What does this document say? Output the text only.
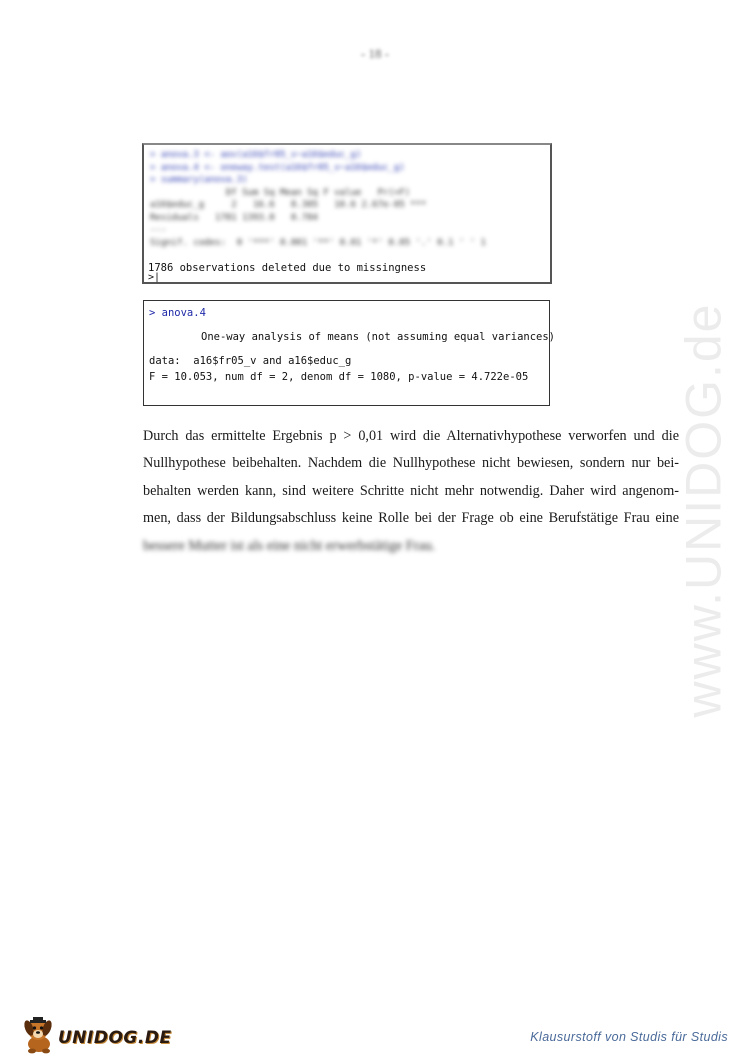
- 18 -
> anova.3 <- aov(a16$fr05_v~a16$educ_g)
> anova.4 <- oneway.test(a16$fr05_v~a16$educ_g)
> summary(anova.3)
Df Sum Sq Mean Sq F value   Pr(>F)
a16$educ_g     2   16.6   8.305   10.6 2.67e-05 ***
Residuals   1781 1393.0   0.784
---
Signif. codes:  0 '***' 0.001 '**' 0.01 '*' 0.05 '.' 0.1 ' ' 1
1786 observations deleted due to missingness
>|
> anova.4
One-way analysis of means (not assuming equal variances)
data:  a16$fr05_v and a16$educ_g
F = 10.053, num df = 2, denom df = 1080, p-value = 4.722e-05
Durch das ermittelte Ergebnis p > 0,01 wird die Alternativhypothese verworfen und die
Nullhypothese beibehalten. Nachdem die Nullhypothese nicht bewiesen, sondern nur bei-
behalten werden kann, sind weitere Schritte nicht mehr notwendig. Daher wird angenom-
men, dass der Bildungsabschluss keine Rolle bei der Frage ob eine Berufstätige Frau eine
bessere Mutter ist als eine nicht erwerbstätige Frau.	www.UNIDOG.de
UNIDOG.DE	Klausurstoff von Studis für Studis
